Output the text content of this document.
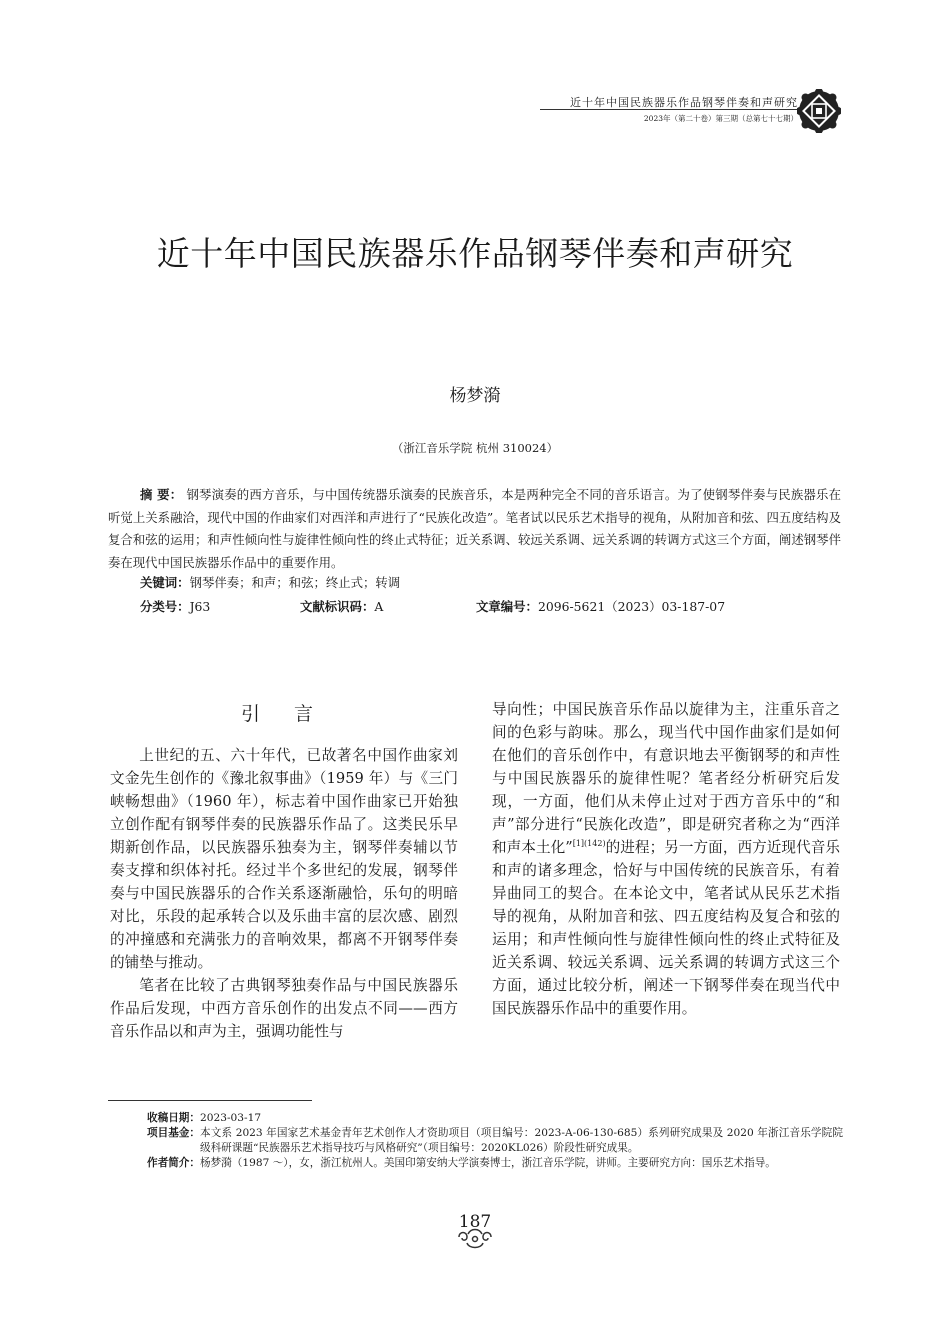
近十年中国民族器乐作品钢琴伴奏和声研究
2023年（第二十卷）第三期（总第七十七期）
近十年中国民族器乐作品钢琴伴奏和声研究
杨梦漪
（浙江音乐学院 杭州 310024）
摘 要： 钢琴演奏的西方音乐，与中国传统器乐演奏的民族音乐，本是两种完全不同的音乐语言。为了使钢琴伴奏与民族器乐在听觉上关系融洽，现代中国的作曲家们对西洋和声进行了“民族化改造”。笔者试以民乐艺术指导的视角，从附加音和弦、四五度结构及复合和弦的运用；和声性倾向性与旋律性倾向性的终止式特征；近关系调、较远关系调、远关系调的转调方式这三个方面，阐述钢琴伴奏在现代中国民族器乐作品中的重要作用。
关键词：钢琴伴奏；和声；和弦；终止式；转调
分类号：J63	文献标识码：A	文章编号：2096-5621（2023）03-187-07
引 言

上世纪的五、六十年代，已故著名中国作曲家刘文金先生创作的《豫北叙事曲》（1959 年）与《三门峡畅想曲》（1960 年），标志着中国作曲家已开始独立创作配有钢琴伴奏的民族器乐作品了。这类民乐早期新创作品，以民族器乐独奏为主，钢琴伴奏辅以节奏支撑和织体衬托。经过半个多世纪的发展，钢琴伴奏与中国民族器乐的合作关系逐渐融恰，乐句的明暗对比，乐段的起承转合以及乐曲丰富的层次感、剧烈的冲撞感和充满张力的音响效果，都离不开钢琴伴奏的铺垫与推动。

笔者在比较了古典钢琴独奏作品与中国民族器乐作品后发现，中西方音乐创作的出发点不同——西方音乐作品以和声为主，强调功能性与

导向性；中国民族音乐作品以旋律为主，注重乐音之间的色彩与韵味。那么，现当代中国作曲家们是如何在他们的音乐创作中，有意识地去平衡钢琴的和声性与中国民族器乐的旋律性呢？笔者经分析研究后发现，一方面，他们从未停止过对于西方音乐中的“和声”部分进行“民族化改造”，即是研究者称之为“西洋和声本土化”$^{[1](142)}$的进程；另一方面，西方近现代音乐和声的诸多理念，恰好与中国传统的民族音乐，有着异曲同工的契合。在本论文中，笔者试从民乐艺术指导的视角，从附加音和弦、四五度结构及复合和弦的运用；和声性倾向性与旋律性倾向性的终止式特征及近关系调、较远关系调、远关系调的转调方式这三个方面，通过比较分析，阐述一下钢琴伴奏在现当代中国民族器乐作品中的重要作用。

收稿日期： 2023-03-17
项目基金： 本文系 2023 年国家艺术基金青年艺术创作人才资助项目（项目编号：2023-A-06-130-685）系列研究成果及 2020 年浙江音乐学院院级科研课题“民族器乐艺术指导技巧与风格研究”（项目编号：2020KL026）阶段性研究成果。
作者简介： 杨梦漪（1987 ～），女，浙江杭州人。美国印第安纳大学演奏博士，浙江音乐学院，讲师。主要研究方向：国乐艺术指导。
187
